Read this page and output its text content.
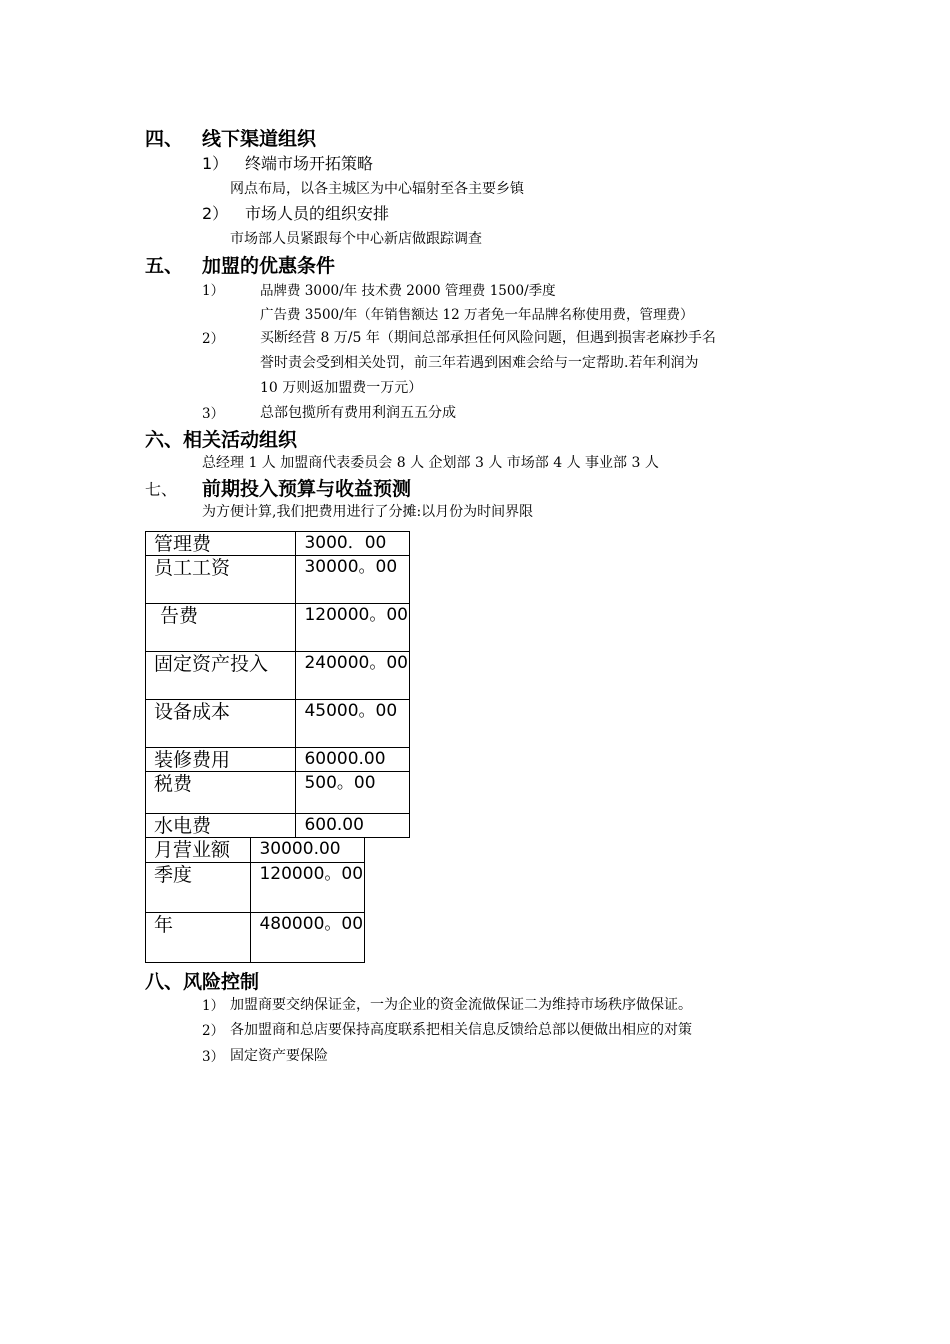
四、 线下渠道组织
1） 终端市场开拓策略
网点布局，以各主城区为中心辐射至各主要乡镇
2） 市场人员的组织安排
市场部人员紧跟每个中心新店做跟踪调查
五、 加盟的优惠条件
1）	品牌费 3000/年 技术费 2000 管理费 1500/季度
广告费 3500/年（年销售额达 12 万者免一年品牌名称使用费，管理费）
2）	买断经营 8 万/5 年（期间总部承担任何风险问题，但遇到损害老麻抄手名
誉时责会受到相关处罚，前三年若遇到困难会给与一定帮助.若年利润为
10 万则返加盟费一万元）
3）	总部包揽所有费用利润五五分成
六、相关活动组织
总经理 1 人 加盟商代表委员会 8 人 企划部 3 人 市场部 4 人 事业部 3 人
七、 前期投入预算与收益预测
为方便计算,我们把费用进行了分摊:以月份为时间界限
管理费	3000．00
员工工资	30000。00
告费	120000。00
固定资产投入	240000。00
设备成本	45000。00
装修费用	60000.00
税费	500。00
水电费	600.00
月营业额	30000.00
季度	120000。00
年	480000。00
八、风险控制
1） 加盟商要交纳保证金，一为企业的资金流做保证二为维持市场秩序做保证。
2） 各加盟商和总店要保持高度联系把相关信息反馈给总部以便做出相应的对策
3） 固定资产要保险
